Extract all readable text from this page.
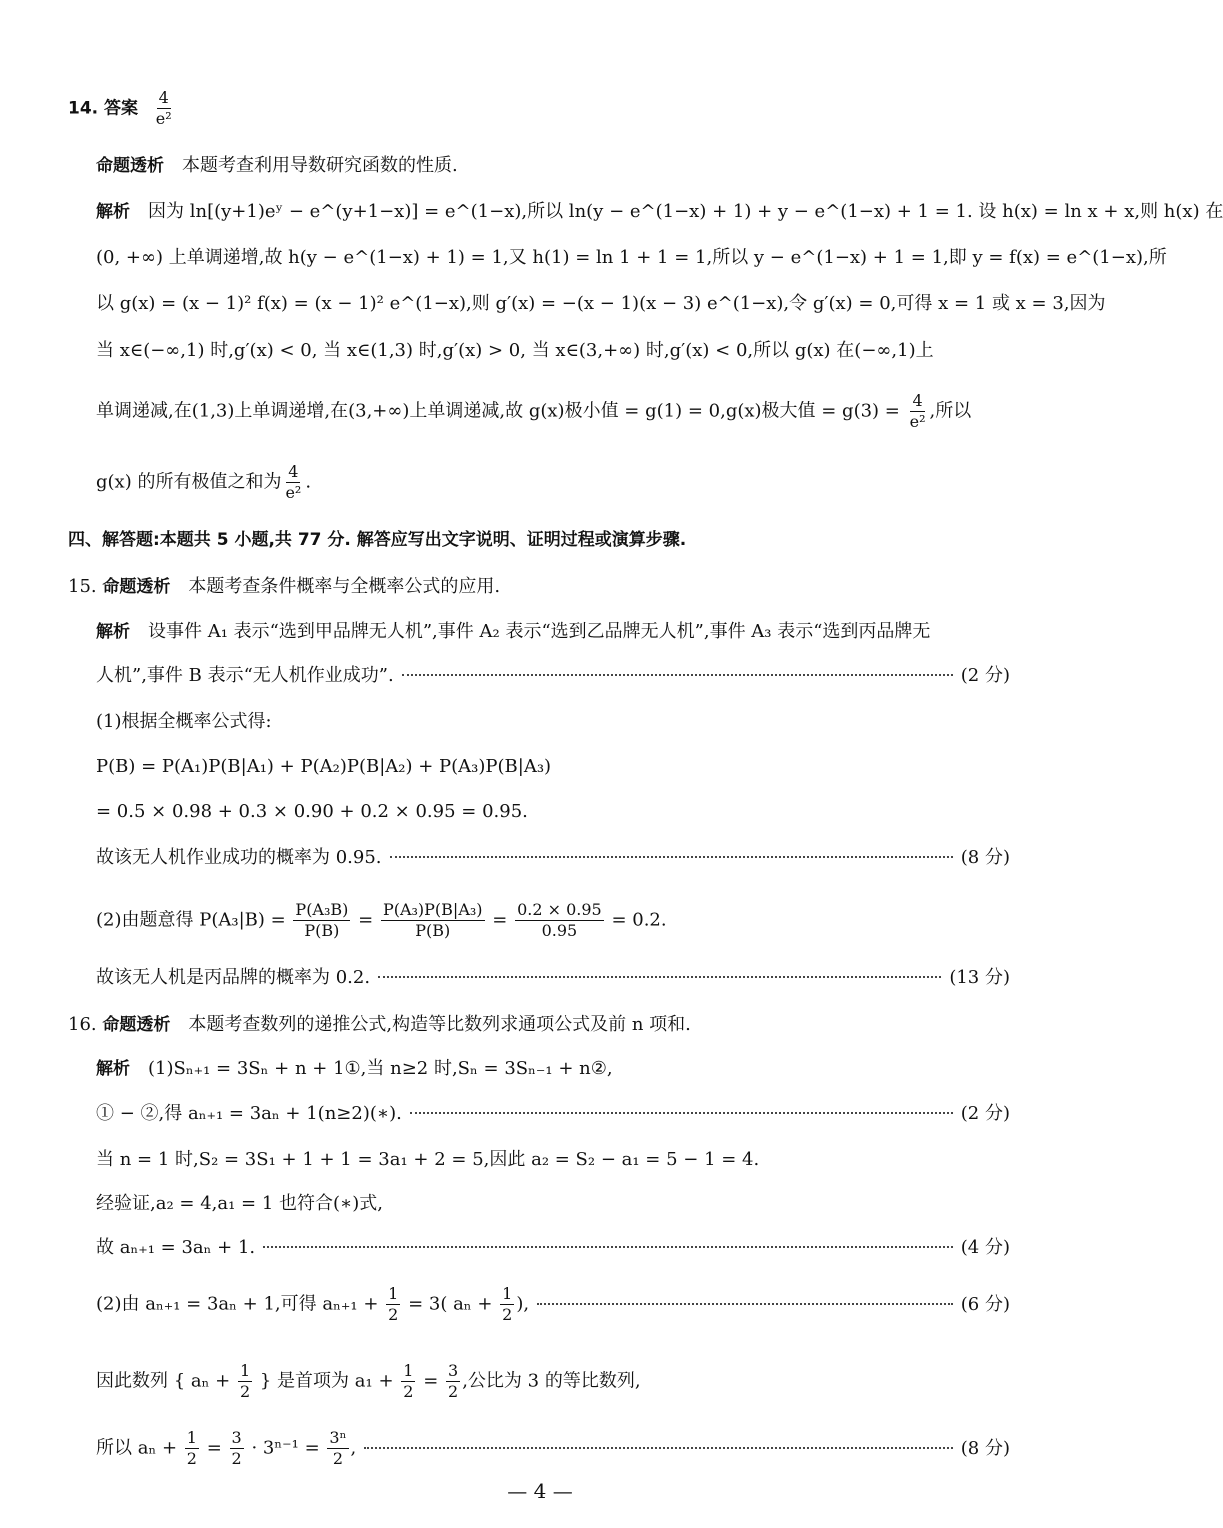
14. 答案 $\frac{4}{\text{e²}}$
命题透析 本题考查利用导数研究函数的性质.
解析 因为 ln[(y+1)eʸ − e^(y+1−x)] = e^(1−x),所以 ln(y − e^(1−x) + 1) + y − e^(1−x) + 1 = 1. 设 h(x) = ln x + x,则 h(x) 在
(0, +∞) 上单调递增,故 h(y − e^(1−x) + 1) = 1,又 h(1) = ln 1 + 1 = 1,所以 y − e^(1−x) + 1 = 1,即 y = f(x) = e^(1−x),所
以 g(x) = (x − 1)² f(x) = (x − 1)² e^(1−x),则 g′(x) = −(x − 1)(x − 3) e^(1−x),令 g′(x) = 0,可得 x = 1 或 x = 3,因为
当 x∈(−∞,1) 时,g′(x) < 0, 当 x∈(1,3) 时,g′(x) > 0, 当 x∈(3,+∞) 时,g′(x) < 0,所以 g(x) 在(−∞,1)上
单调递减,在(1,3)上单调递增,在(3,+∞)上单调递减,故 g(x)极小值 = g(1) = 0,g(x)极大值 = $g(3) = \frac{4}{\text{e²}}$ ,所以
g(x) 的所有极值之和为 $\frac{4}{\text{e²}}$ .
四、解答题:本题共 5 小题,共 77 分. 解答应写出文字说明、证明过程或演算步骤.
15. 命题透析 本题考查条件概率与全概率公式的应用.
解析 设事件 A₁ 表示“选到甲品牌无人机”,事件 A₂ 表示“选到乙品牌无人机”,事件 A₃ 表示“选到丙品牌无
人机”,事件 B 表示“无人机作业成功”.	(2 分)
(1)根据全概率公式得:
P(B) = P(A₁)P(B|A₁) + P(A₂)P(B|A₂) + P(A₃)P(B|A₃)
= 0.5 × 0.98 + 0.3 × 0.90 + 0.2 × 0.95 = 0.95.
故该无人机作业成功的概率为 0.95.	(8 分)
(2)由题意得 $P(A_3|B) = \frac{\text{P(A₃B)}}{P(B)} = \frac{\text{P(A₃)P(B|A₃)}}{P(B)} = \frac{0.2 \times 0.95}{0.95} = 0.2$.
故该无人机是丙品牌的概率为 0.2.	(13 分)
16. 命题透析 本题考查数列的递推公式,构造等比数列求通项公式及前 n 项和.
解析 (1)Sₙ₊₁ = 3Sₙ + n + 1①,当 n≥2 时,Sₙ = 3Sₙ₋₁ + n②,
① − ②,得 aₙ₊₁ = 3aₙ + 1(n≥2)(∗).	(2 分)
当 n = 1 时,S₂ = 3S₁ + 1 + 1 = 3a₁ + 2 = 5,因此 a₂ = S₂ − a₁ = 5 − 1 = 4.
经验证,a₂ = 4,a₁ = 1 也符合(∗)式,
故 aₙ₊₁ = 3aₙ + 1.	(4 分)
(2)由 aₙ₊₁ = 3aₙ + 1,可得 $a_{n+1} + \frac{1}{2} = 3$( $a_n + \frac{1}{2}$ ),	(6 分)
因此数列 { $a_n + \frac{1}{2}$ } 是首项为 $a_1 + \frac{1}{2} = \frac{3}{2}$ ,公比为 3 的等比数列,
所以 $a_n + \frac{1}{2} = \frac{3}{2} \cdot 3^{n-1} = \frac{\text{3ⁿ}}{2}$ ,	(8 分)
— 4 —
